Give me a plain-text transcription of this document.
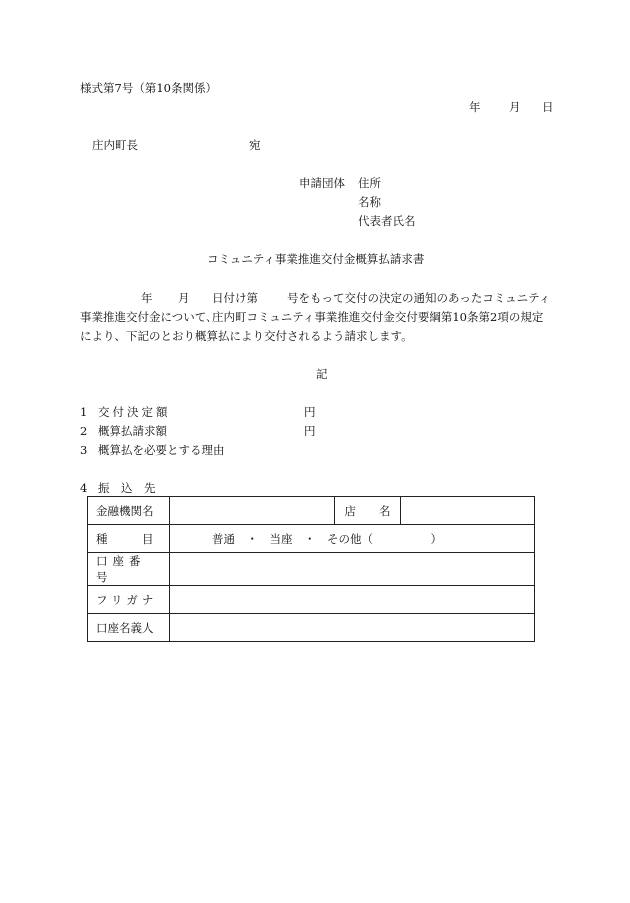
様式第7号（第10条関係）
年 月 日
庄内町長	宛
申請団体 住所
名称
代表者氏名
コミュニティ事業推進交付金概算払請求書
年 月 日付け第	号をもって交付の決定の通知のあったコミュニティ
事業推進交付金について､庄内町コミュニティ事業推進交付金交付要綱第10条第2項の規定
により、下記のとおり概算払により交付されるよう請求します。
記
1 交付決定額	円
2 概算払請求額	円
3 概算払を必要とする理由
4 振　込　先
金融機関名		店　　名	
種　　　目	普通　・　当座　・　その他（　　　　　）		
口座番号			
フリガナ			
口座名義人			
